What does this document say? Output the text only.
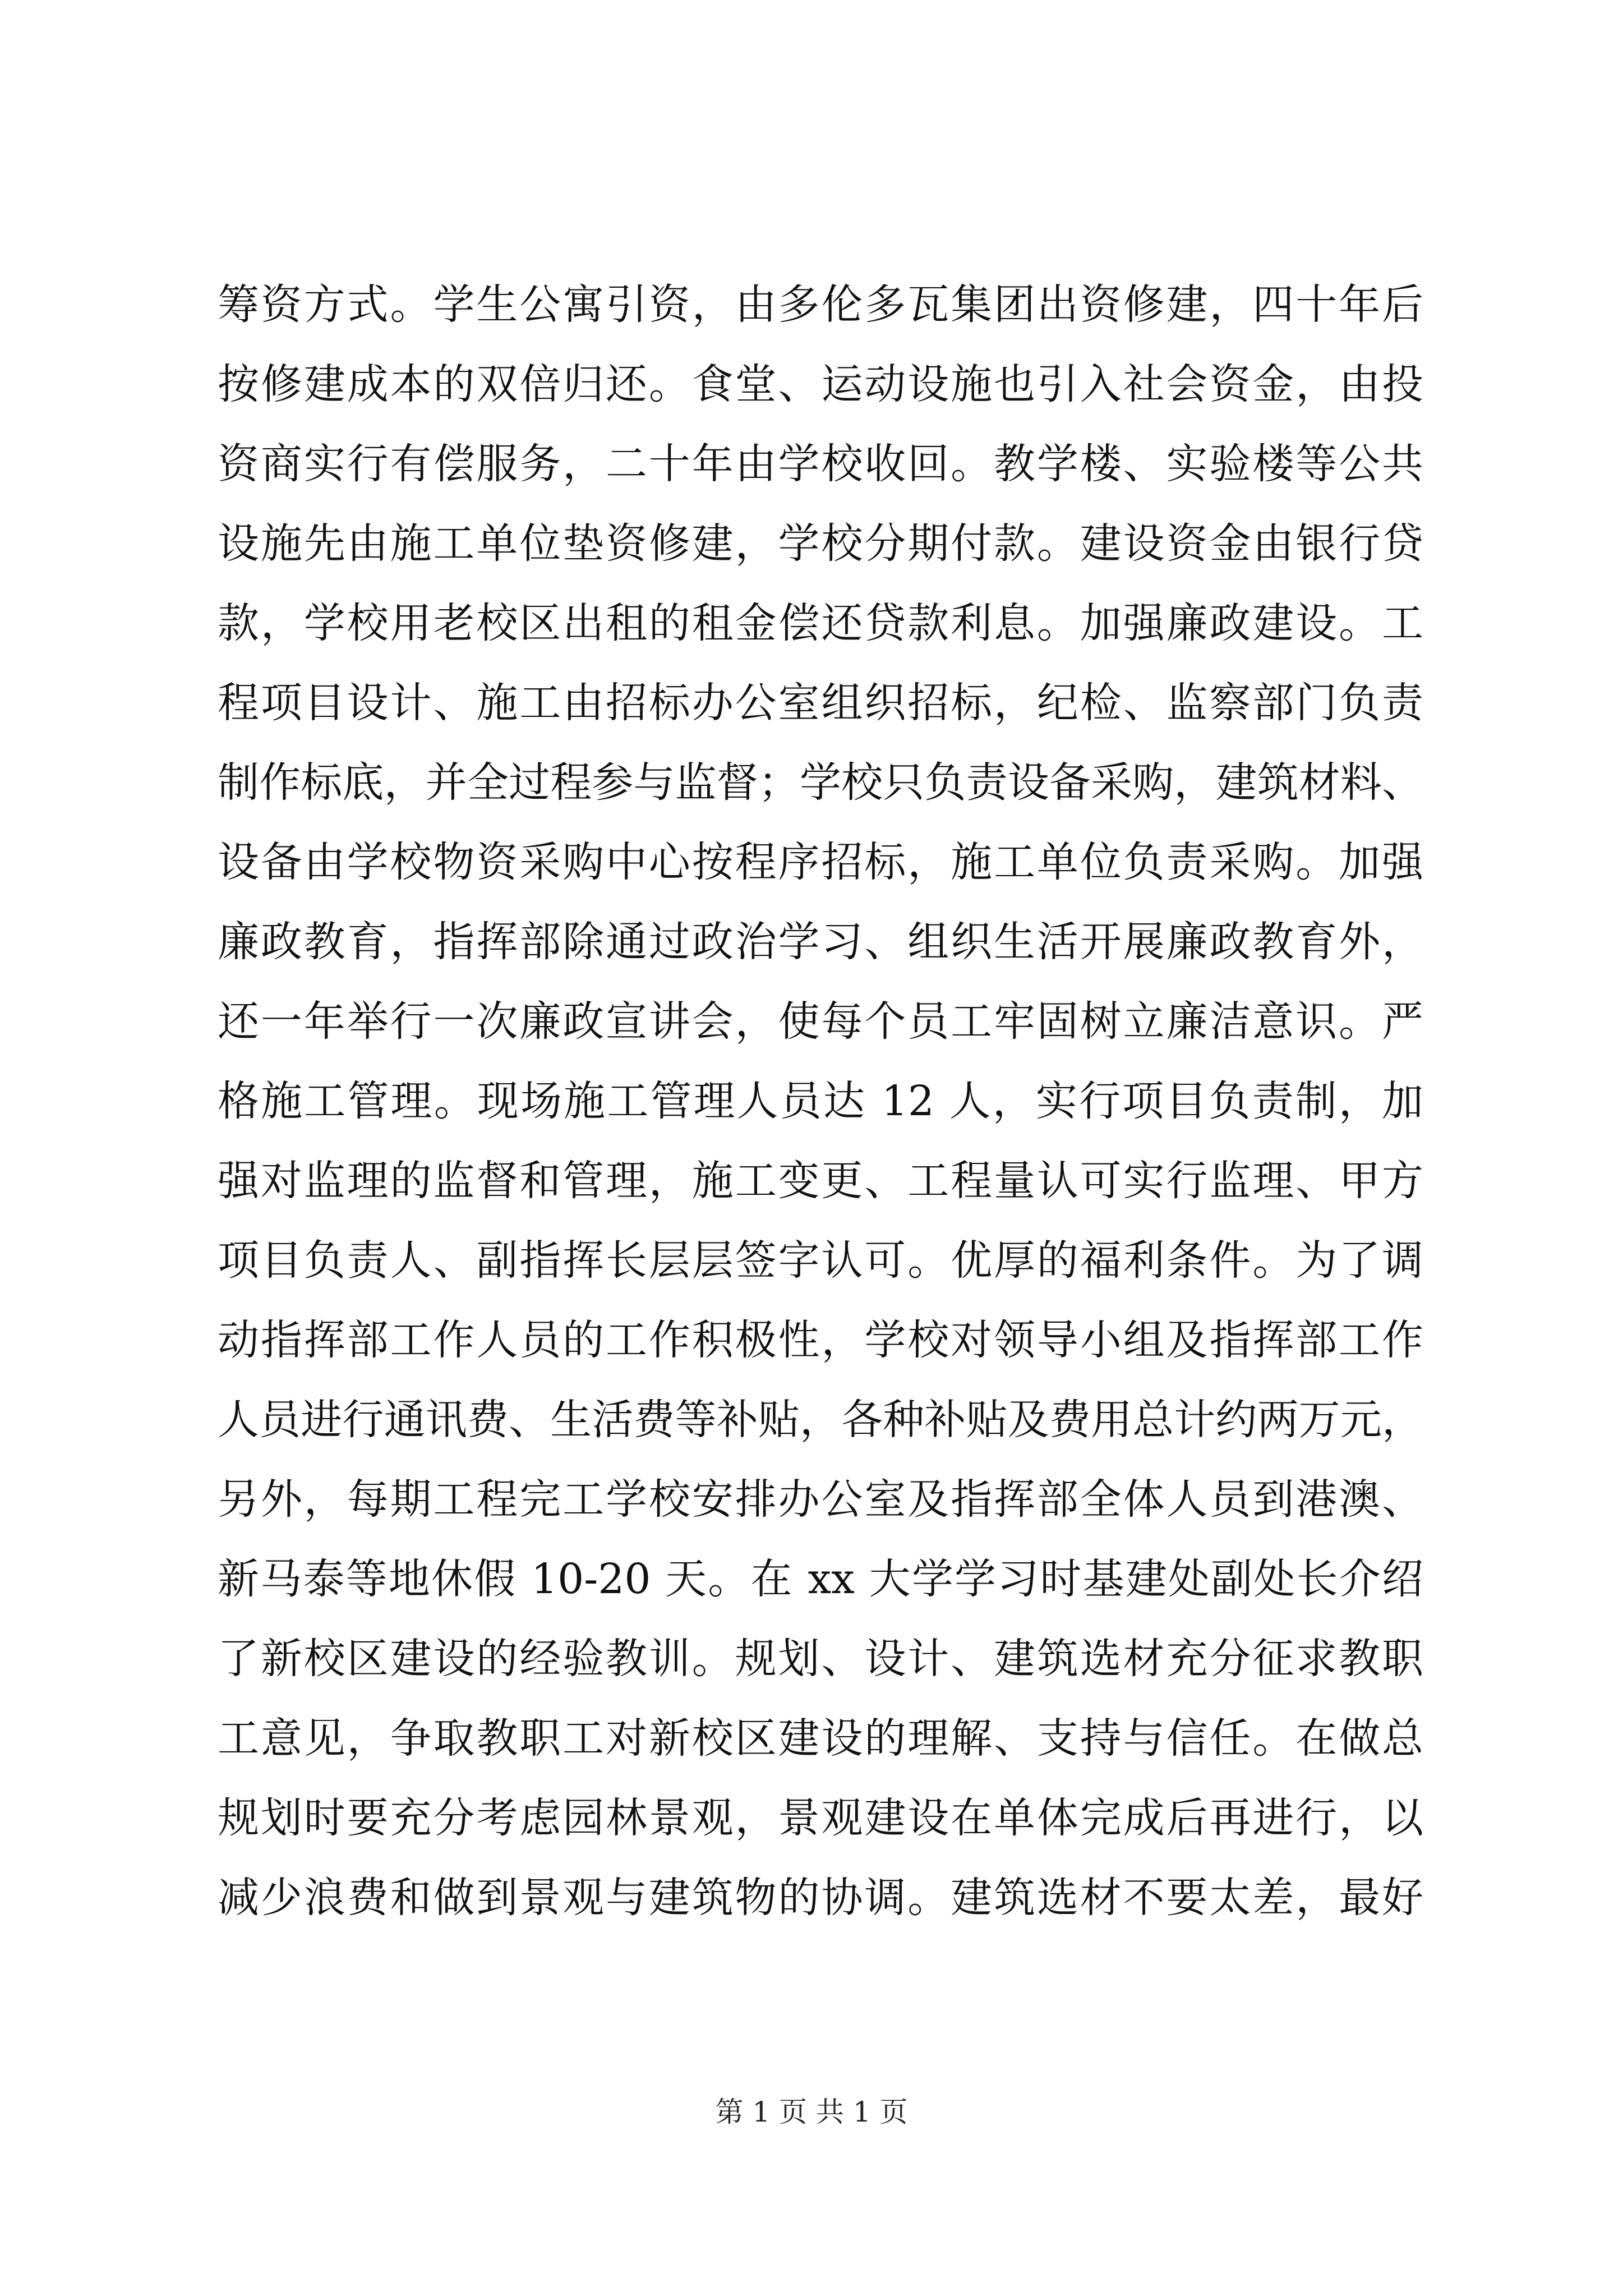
筹资方式。学生公寓引资，由多伦多瓦集团出资修建，四十年后
按修建成本的双倍归还。食堂、运动设施也引入社会资金，由投
资商实行有偿服务，二十年由学校收回。教学楼、实验楼等公共
设施先由施工单位垫资修建，学校分期付款。建设资金由银行贷
款，学校用老校区出租的租金偿还贷款利息。加强廉政建设。工
程项目设计、施工由招标办公室组织招标，纪检、监察部门负责
制作标底，并全过程参与监督；学校只负责设备采购，建筑材料、
设备由学校物资采购中心按程序招标，施工单位负责采购。加强
廉政教育，指挥部除通过政治学习、组织生活开展廉政教育外，
还一年举行一次廉政宣讲会，使每个员工牢固树立廉洁意识。严
格施工管理。现场施工管理人员达 12 人，实行项目负责制，加
强对监理的监督和管理，施工变更、工程量认可实行监理、甲方
项目负责人、副指挥长层层签字认可。优厚的福利条件。为了调
动指挥部工作人员的工作积极性，学校对领导小组及指挥部工作
人员进行通讯费、生活费等补贴，各种补贴及费用总计约两万元，
另外，每期工程完工学校安排办公室及指挥部全体人员到港澳、
新马泰等地休假 10-20 天。在 xx 大学学习时基建处副处长介绍
了新校区建设的经验教训。规划、设计、建筑选材充分征求教职
工意见，争取教职工对新校区建设的理解、支持与信任。在做总
规划时要充分考虑园林景观，景观建设在单体完成后再进行，以
减少浪费和做到景观与建筑物的协调。建筑选材不要太差，最好
第 1 页 共 1 页
